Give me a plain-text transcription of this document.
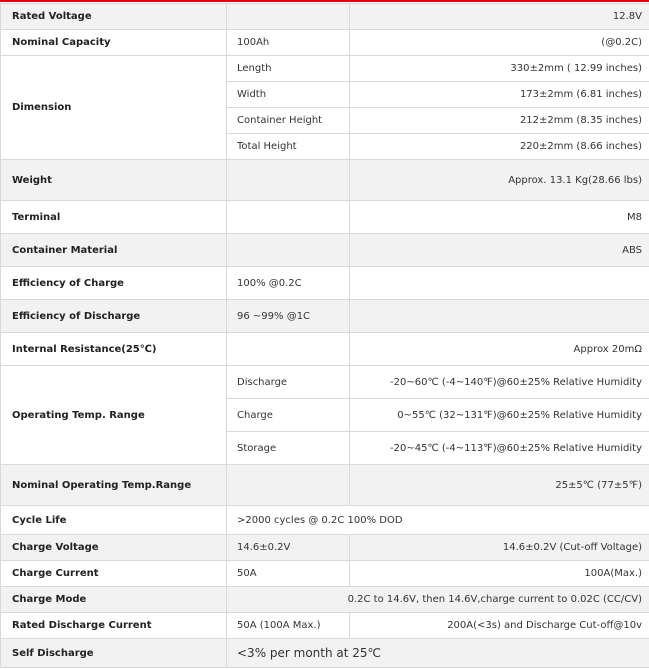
Rated Voltage		12.8V
Nominal Capacity	100Ah	(@0.2C)
Dimension	Length	330±2mm ( 12.99 inches)
	Width	173±2mm (6.81 inches)
	Container Height	212±2mm (8.35 inches)
	Total Height	220±2mm (8.66 inches)
Weight		Approx. 13.1 Kg(28.66 lbs)
Terminal		M8
Container Material		ABS
Efficiency of Charge	100% @0.2C	
Efficiency of Discharge	96 ~99% @1C	
Internal Resistance(25℃)		Approx 20mΩ
Operating Temp. Range	Discharge	-20~60℃ (-4~140℉)@60±25% Relative Humidity
	Charge	0~55℃ (32~131℉)@60±25% Relative Humidity
	Storage	-20~45℃ (-4~113℉)@60±25% Relative Humidity
Nominal Operating Temp.Range		25±5℃ (77±5℉)
Cycle Life	>2000 cycles @ 0.2C 100% DOD	
Charge Voltage	14.6±0.2V	14.6±0.2V (Cut-off Voltage)
Charge Current	50A	100A(Max.)
Charge Mode	0.2C to 14.6V, then 14.6V,charge current to 0.02C (CC/CV)	
Rated Discharge Current	50A (100A Max.)	200A(<3s) and Discharge Cut-off@10v
Self Discharge	<3% per month at 25℃	
